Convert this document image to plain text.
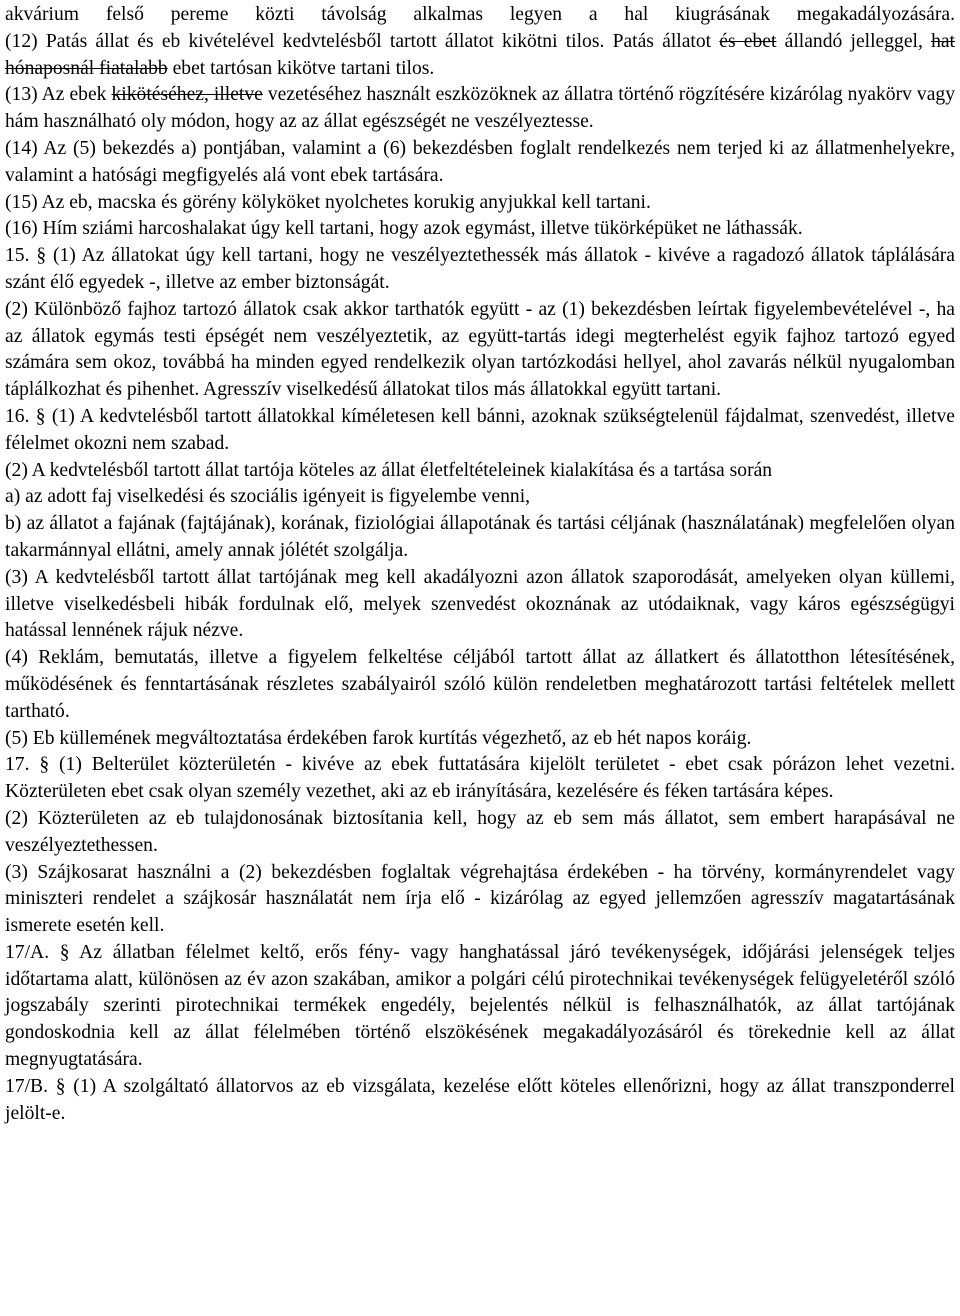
akvárium felső pereme közti távolság alkalmas legyen a hal kiugrásának megakadályozására.

(12) Patás állat és eb kivételével kedvtelésből tartott állatot kikötni tilos. Patás állatot és ebet állandó jelleggel, hat hónaposnál fiatalabb ebet tartósan kikötve tartani tilos.

(13) Az ebek kikötéséhez, illetve vezetéséhez használt eszközöknek az állatra történő rögzítésére kizárólag nyakörv vagy hám használható oly módon, hogy az az állat egészségét ne veszélyeztesse.

(14) Az (5) bekezdés a) pontjában, valamint a (6) bekezdésben foglalt rendelkezés nem terjed ki az állatmenhelyekre, valamint a hatósági megfigyelés alá vont ebek tartására.

(15) Az eb, macska és görény kölyköket nyolchetes korukig anyjukkal kell tartani.

(16) Hím sziámi harcoshalakat úgy kell tartani, hogy azok egymást, illetve tükörképüket ne láthassák.

15. § (1) Az állatokat úgy kell tartani, hogy ne veszélyeztethessék más állatok - kivéve a ragadozó állatok táplálására szánt élő egyedek -, illetve az ember biztonságát.

(2) Különböző fajhoz tartozó állatok csak akkor tarthatók együtt - az (1) bekezdésben leírtak figyelembevételével -, ha az állatok egymás testi épségét nem veszélyeztetik, az együtt-tartás idegi megterhelést egyik fajhoz tartozó egyed számára sem okoz, továbbá ha minden egyed rendelkezik olyan tartózkodási hellyel, ahol zavarás nélkül nyugalomban táplálkozhat és pihenhet. Agresszív viselkedésű állatokat tilos más állatokkal együtt tartani.

16. § (1) A kedvtelésből tartott állatokkal kíméletesen kell bánni, azoknak szükségtelenül fájdalmat, szenvedést, illetve félelmet okozni nem szabad.

(2) A kedvtelésből tartott állat tartója köteles az állat életfeltételeinek kialakítása és a tartása során

a) az adott faj viselkedési és szociális igényeit is figyelembe venni,

b) az állatot a fajának (fajtájának), korának, fiziológiai állapotának és tartási céljának (használatának) megfelelően olyan takarmánnyal ellátni, amely annak jólétét szolgálja.

(3) A kedvtelésből tartott állat tartójának meg kell akadályozni azon állatok szaporodását, amelyeken olyan küllemi, illetve viselkedésbeli hibák fordulnak elő, melyek szenvedést okoznának az utódaiknak, vagy káros egészségügyi hatással lennének rájuk nézve.

(4) Reklám, bemutatás, illetve a figyelem felkeltése céljából tartott állat az állatkert és állatotthon létesítésének, működésének és fenntartásának részletes szabályairól szóló külön rendeletben meghatározott tartási feltételek mellett tartható.

(5) Eb küllemének megváltoztatása érdekében farok kurtítás végezhető, az eb hét napos koráig.

17. § (1) Belterület közterületén - kivéve az ebek futtatására kijelölt területet - ebet csak pórázon lehet vezetni. Közterületen ebet csak olyan személy vezethet, aki az eb irányítására, kezelésére és féken tartására képes.

(2) Közterületen az eb tulajdonosának biztosítania kell, hogy az eb sem más állatot, sem embert harapásával ne veszélyeztethessen.

(3) Szájkosarat használni a (2) bekezdésben foglaltak végrehajtása érdekében - ha törvény, kormányrendelet vagy miniszteri rendelet a szájkosár használatát nem írja elő - kizárólag az egyed jellemzően agresszív magatartásának ismerete esetén kell.

17/A. § Az állatban félelmet keltő, erős fény- vagy hanghatással járó tevékenységek, időjárási jelenségek teljes időtartama alatt, különösen az év azon szakában, amikor a polgári célú pirotechnikai tevékenységek felügyeletéről szóló jogszabály szerinti pirotechnikai termékek engedély, bejelentés nélkül is felhasználhatók, az állat tartójának gondoskodnia kell az állat félelmében történő elszökésének megakadályozásáról és törekednie kell az állat megnyugtatására.

17/B. § (1) A szolgáltató állatorvos az eb vizsgálata, kezelése előtt köteles ellenőrizni, hogy az állat transzponderrel jelölt-e.
